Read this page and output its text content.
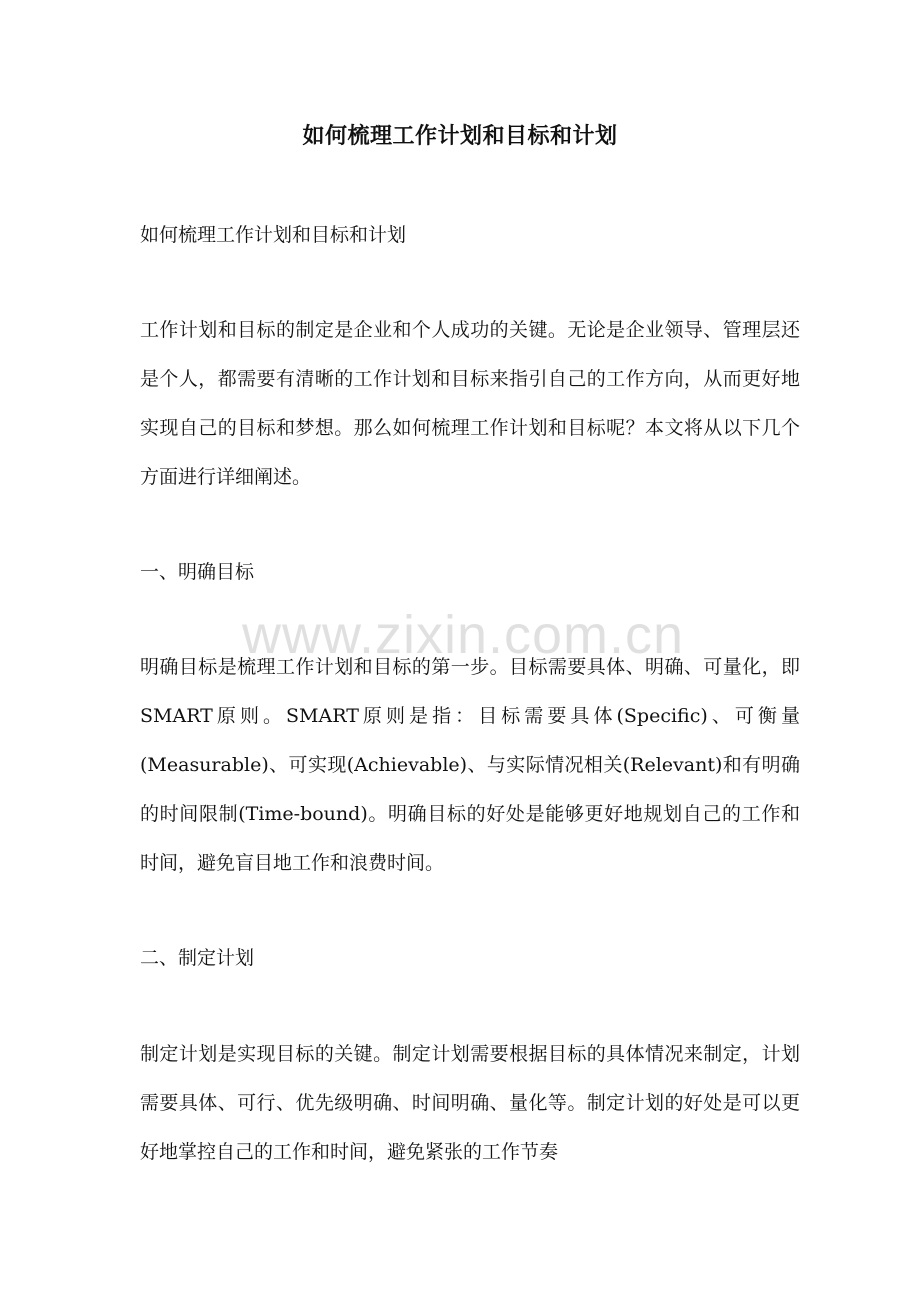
如何梳理工作计划和目标和计划

如何梳理工作计划和目标和计划

工作计划和目标的制定是企业和个人成功的关键。无论是企业领导、管理层还是个人，都需要有清晰的工作计划和目标来指引自己的工作方向，从而更好地实现自己的目标和梦想。那么如何梳理工作计划和目标呢？本文将从以下几个方面进行详细阐述。

一、明确目标

www.zixin.com.cn

明确目标是梳理工作计划和目标的第一步。目标需要具体、明确、可量化，即SMART原则。SMART原则是指：目标需要具体(Specific)、可衡量(Measurable)、可实现(Achievable)、与实际情况相关(Relevant)和有明确的时间限制(Time-bound)。明确目标的好处是能够更好地规划自己的工作和时间，避免盲目地工作和浪费时间。

二、制定计划

制定计划是实现目标的关键。制定计划需要根据目标的具体情况来制定，计划需要具体、可行、优先级明确、时间明确、量化等。制定计划的好处是可以更好地掌控自己的工作和时间，避免紧张的工作节奏
